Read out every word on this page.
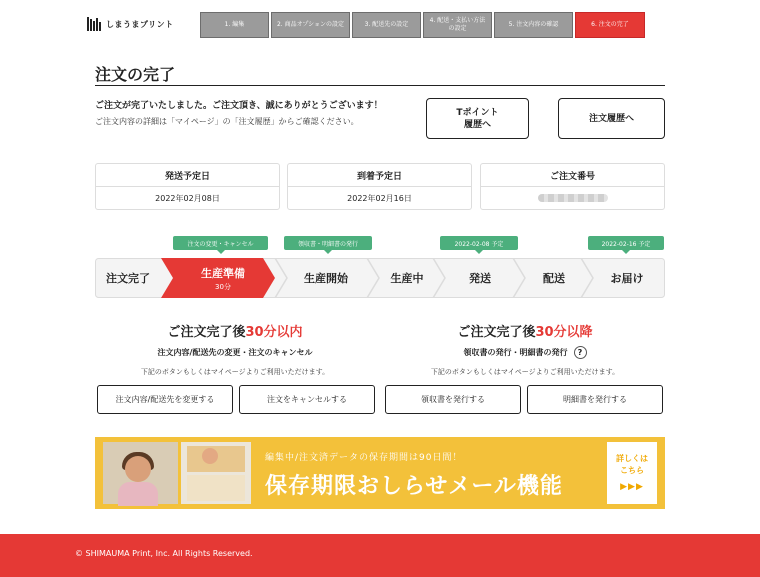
しまうまプリント	1. 編集	2. 商品オプションの設定	3. 配送先の設定
4. 配送・支払い方法の設定
5. 注文内容の確認	6. 注文の完了
注文の完了
ご注文が完了いたしました。ご注文頂き、誠にありがとうございます！
ご注文内容の詳細は「マイページ」の「注文履歴」からご確認ください。
Tポイント
履歴へ
注文履歴へ
発送予定日
2022年02月08日
到着予定日
2022年02月16日
ご注文番号
注文の変更・キャンセル	領収書・明細書の発行	2022-02-08 予定	2022-02-16 予定
注文完了	生産準備
30分
生産開始	生産中	発送	配送	お届け
ご注文完了後30分以内
注文内容/配送先の変更・注文のキャンセル
下記のボタンもしくはマイページよりご利用いただけます。
注文内容/配送先を変更する	注文をキャンセルする
ご注文完了後30分以降
領収書の発行・明細書の発行 ?
下記のボタンもしくはマイページよりご利用いただけます。
領収書を発行する	明細書を発行する
編集中/注文済データの保存期間は90日間！
保存期限おしらせメール機能
詳しくは
こちら
▶▶▶
© SHIMAUMA Print, Inc. All Rights Reserved.
